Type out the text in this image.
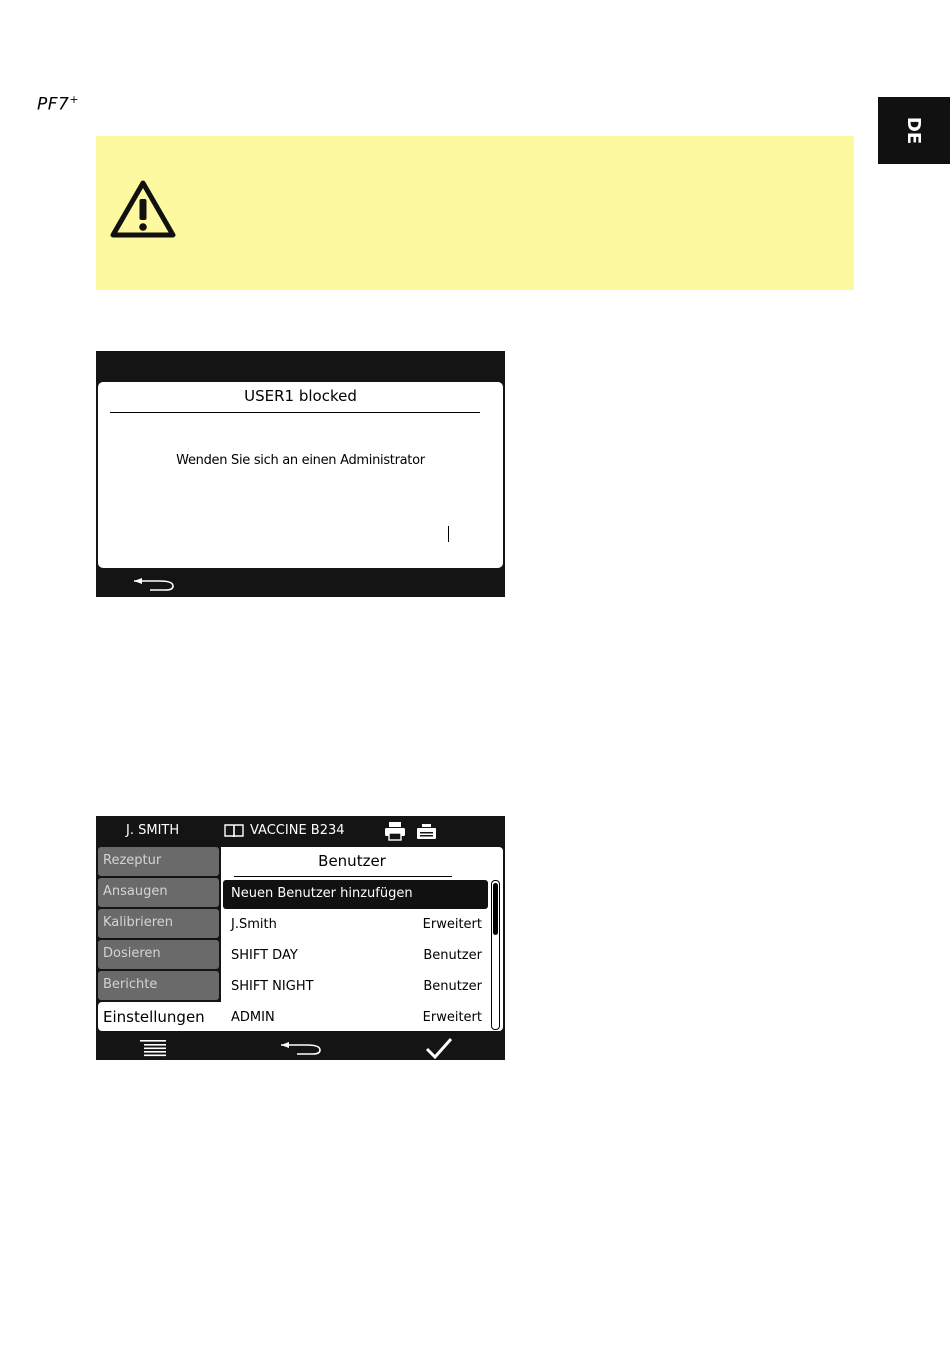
PF7+
DE
USER1 blocked
Wenden Sie sich an einen Administrator
J. SMITH	VACCINE B234
Rezeptur
Ansaugen
Kalibrieren
Dosieren
Berichte
Einstellungen
Benutzer
Neuen Benutzer hinzufügen
J.Smith	Erweitert
SHIFT DAY	Benutzer
SHIFT NIGHT	Benutzer
ADMIN	Erweitert
